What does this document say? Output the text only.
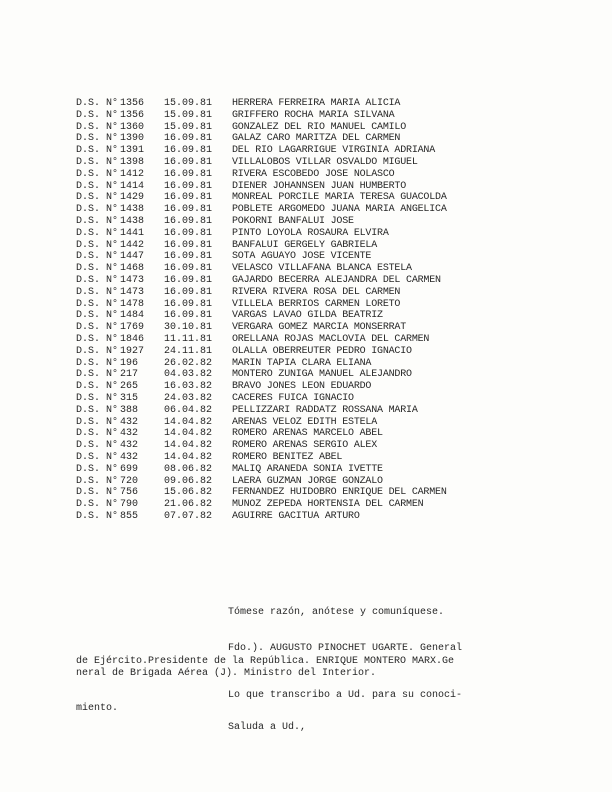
D.S. N° 1356	15.09.81	HERRERA FERREIRA MARIA ALICIA
D.S. N° 1356	15.09.81	GRIFFERO ROCHA MARIA SILVANA
D.S. N° 1360	15.09.81	GONZALEZ DEL RIO MANUEL CAMILO
D.S. N° 1390	16.09.81	GALAZ CARO MARITZA DEL CARMEN
D.S. N° 1391	16.09.81	DEL RIO LAGARRIGUE VIRGINIA ADRIANA
D.S. N° 1398	16.09.81	VILLALOBOS VILLAR OSVALDO MIGUEL
D.S. N° 1412	16.09.81	RIVERA ESCOBEDO JOSE NOLASCO
D.S. N° 1414	16.09.81	DIENER JOHANNSEN JUAN HUMBERTO
D.S. N° 1429	16.09.81	MONREAL PORCILE MARIA TERESA GUACOLDA
D.S. N° 1438	16.09.81	POBLETE ARGOMEDO JUANA MARIA ANGELICA
D.S. N° 1438	16.09.81	POKORNI BANFALUI JOSE
D.S. N° 1441	16.09.81	PINTO LOYOLA ROSAURA ELVIRA
D.S. N° 1442	16.09.81	BANFALUI GERGELY GABRIELA
D.S. N° 1447	16.09.81	SOTA AGUAYO JOSE VICENTE
D.S. N° 1468	16.09.81	VELASCO VILLAFAÑA BLANCA ESTELA
D.S. N° 1473	16.09.81	GAJARDO BECERRA ALEJANDRA DEL CARMEN
D.S. N° 1473	16.09.81	RIVERA RIVERA ROSA DEL CARMEN
D.S. N° 1478	16.09.81	VILLELA BERRIOS CARMEN LORETO
D.S. N° 1484	16.09.81	VARGAS LAVAO GILDA BEATRIZ
D.S. N° 1769	30.10.81	VERGARA GOMEZ MARCIA MONSERRAT
D.S. N° 1846	11.11.81	ORELLANA ROJAS MACLOVIA DEL CARMEN
D.S. N° 1927	24.11.81	OLALLA OBERREUTER PEDRO IGNACIO
D.S. N° 196	26.02.82	MARIN TAPIA CLARA ELIANA
D.S. N° 217	04.03.82	MONTERO ZUÑIGA MANUEL ALEJANDRO
D.S. N° 265	16.03.82	BRAVO JONES LEON EDUARDO
D.S. N° 315	24.03.82	CACERES FUICA IGNACIO
D.S. N° 388	06.04.82	PELLIZZARI RADDATZ ROSSANA MARIA
D.S. N° 432	14.04.82	ARENAS VELOZ EDITH ESTELA
D.S. N° 432	14.04.82	ROMERO ARENAS MARCELO ABEL
D.S. N° 432	14.04.82	ROMERO ARENAS SERGIO ALEX
D.S. N° 432	14.04.82	ROMERO BENITEZ ABEL
D.S. N° 699	08.06.82	MALIQ ARANEDA SONIA IVETTE
D.S. N° 720	09.06.82	LAERA GUZMAN JORGE GONZALO
D.S. N° 756	15.06.82	FERNANDEZ HUIDOBRO ENRIQUE DEL CARMEN
D.S. N° 790	21.06.82	MUÑOZ ZEPEDA HORTENSIA DEL CARMEN
D.S. N° 855	07.07.82	AGUIRRE GACITUA ARTURO
Tómese razón, anótese y comuníquese.
Fdo.). AUGUSTO PINOCHET UGARTE. General
de Ejército.Presidente de la República. ENRIQUE MONTERO MARX.Ge
neral de Brigada Aérea (J). Ministro del Interior.
Lo que transcribo a Ud. para su conoci-
miento.
Saluda a Ud.,
